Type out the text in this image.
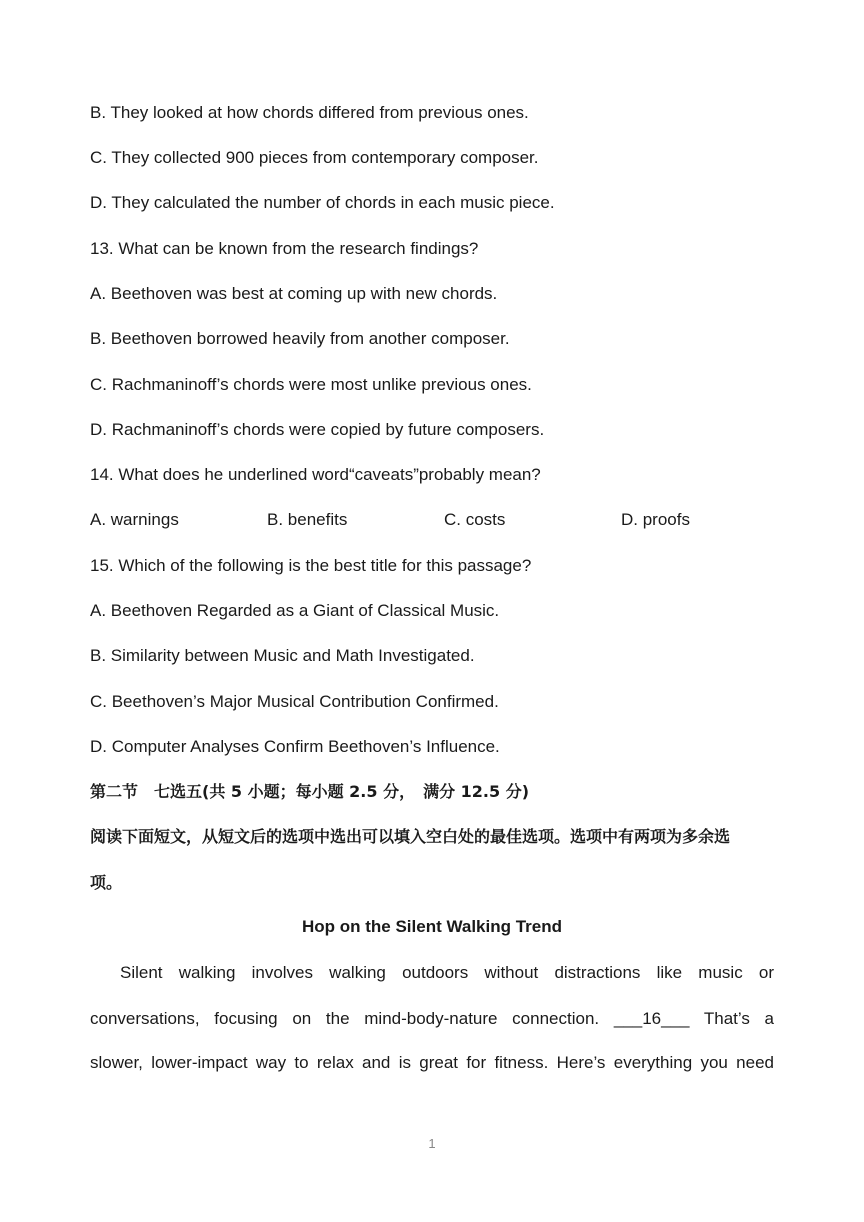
B. They looked at how chords differed from previous ones.
C. They collected 900 pieces from contemporary composer.
D. They calculated the number of chords in each music piece.
13. What can be known from the research findings?
A. Beethoven was best at coming up with new chords.
B. Beethoven borrowed heavily from another composer.
C. Rachmaninoff’s chords were most unlike previous ones.
D. Rachmaninoff’s chords were copied by future composers.
14. What does he underlined word“caveats”probably mean?
A. warnings	B. benefits	C. costs	D. proofs
15. Which of the following is the best title for this passage?
A. Beethoven Regarded as a Giant of Classical Music.
B. Similarity between Music and Math Investigated.
C. Beethoven’s Major Musical Contribution Confirmed.
D. Computer Analyses Confirm Beethoven’s Influence.
第二节　七选五(共 5 小题；每小题 2.5 分，　满分 12.5 分)
阅读下面短文，从短文后的选项中选出可以填入空白处的最佳选项。选项中有两项为多余选
项。
Hop on the Silent Walking Trend
Silent walking involves walking outdoors without distractions like music or
conversations, focusing on the mind-body-nature connection. ___16___ That’s a
slower, lower-impact way to relax and is great for fitness. Here’s everything you need
1
